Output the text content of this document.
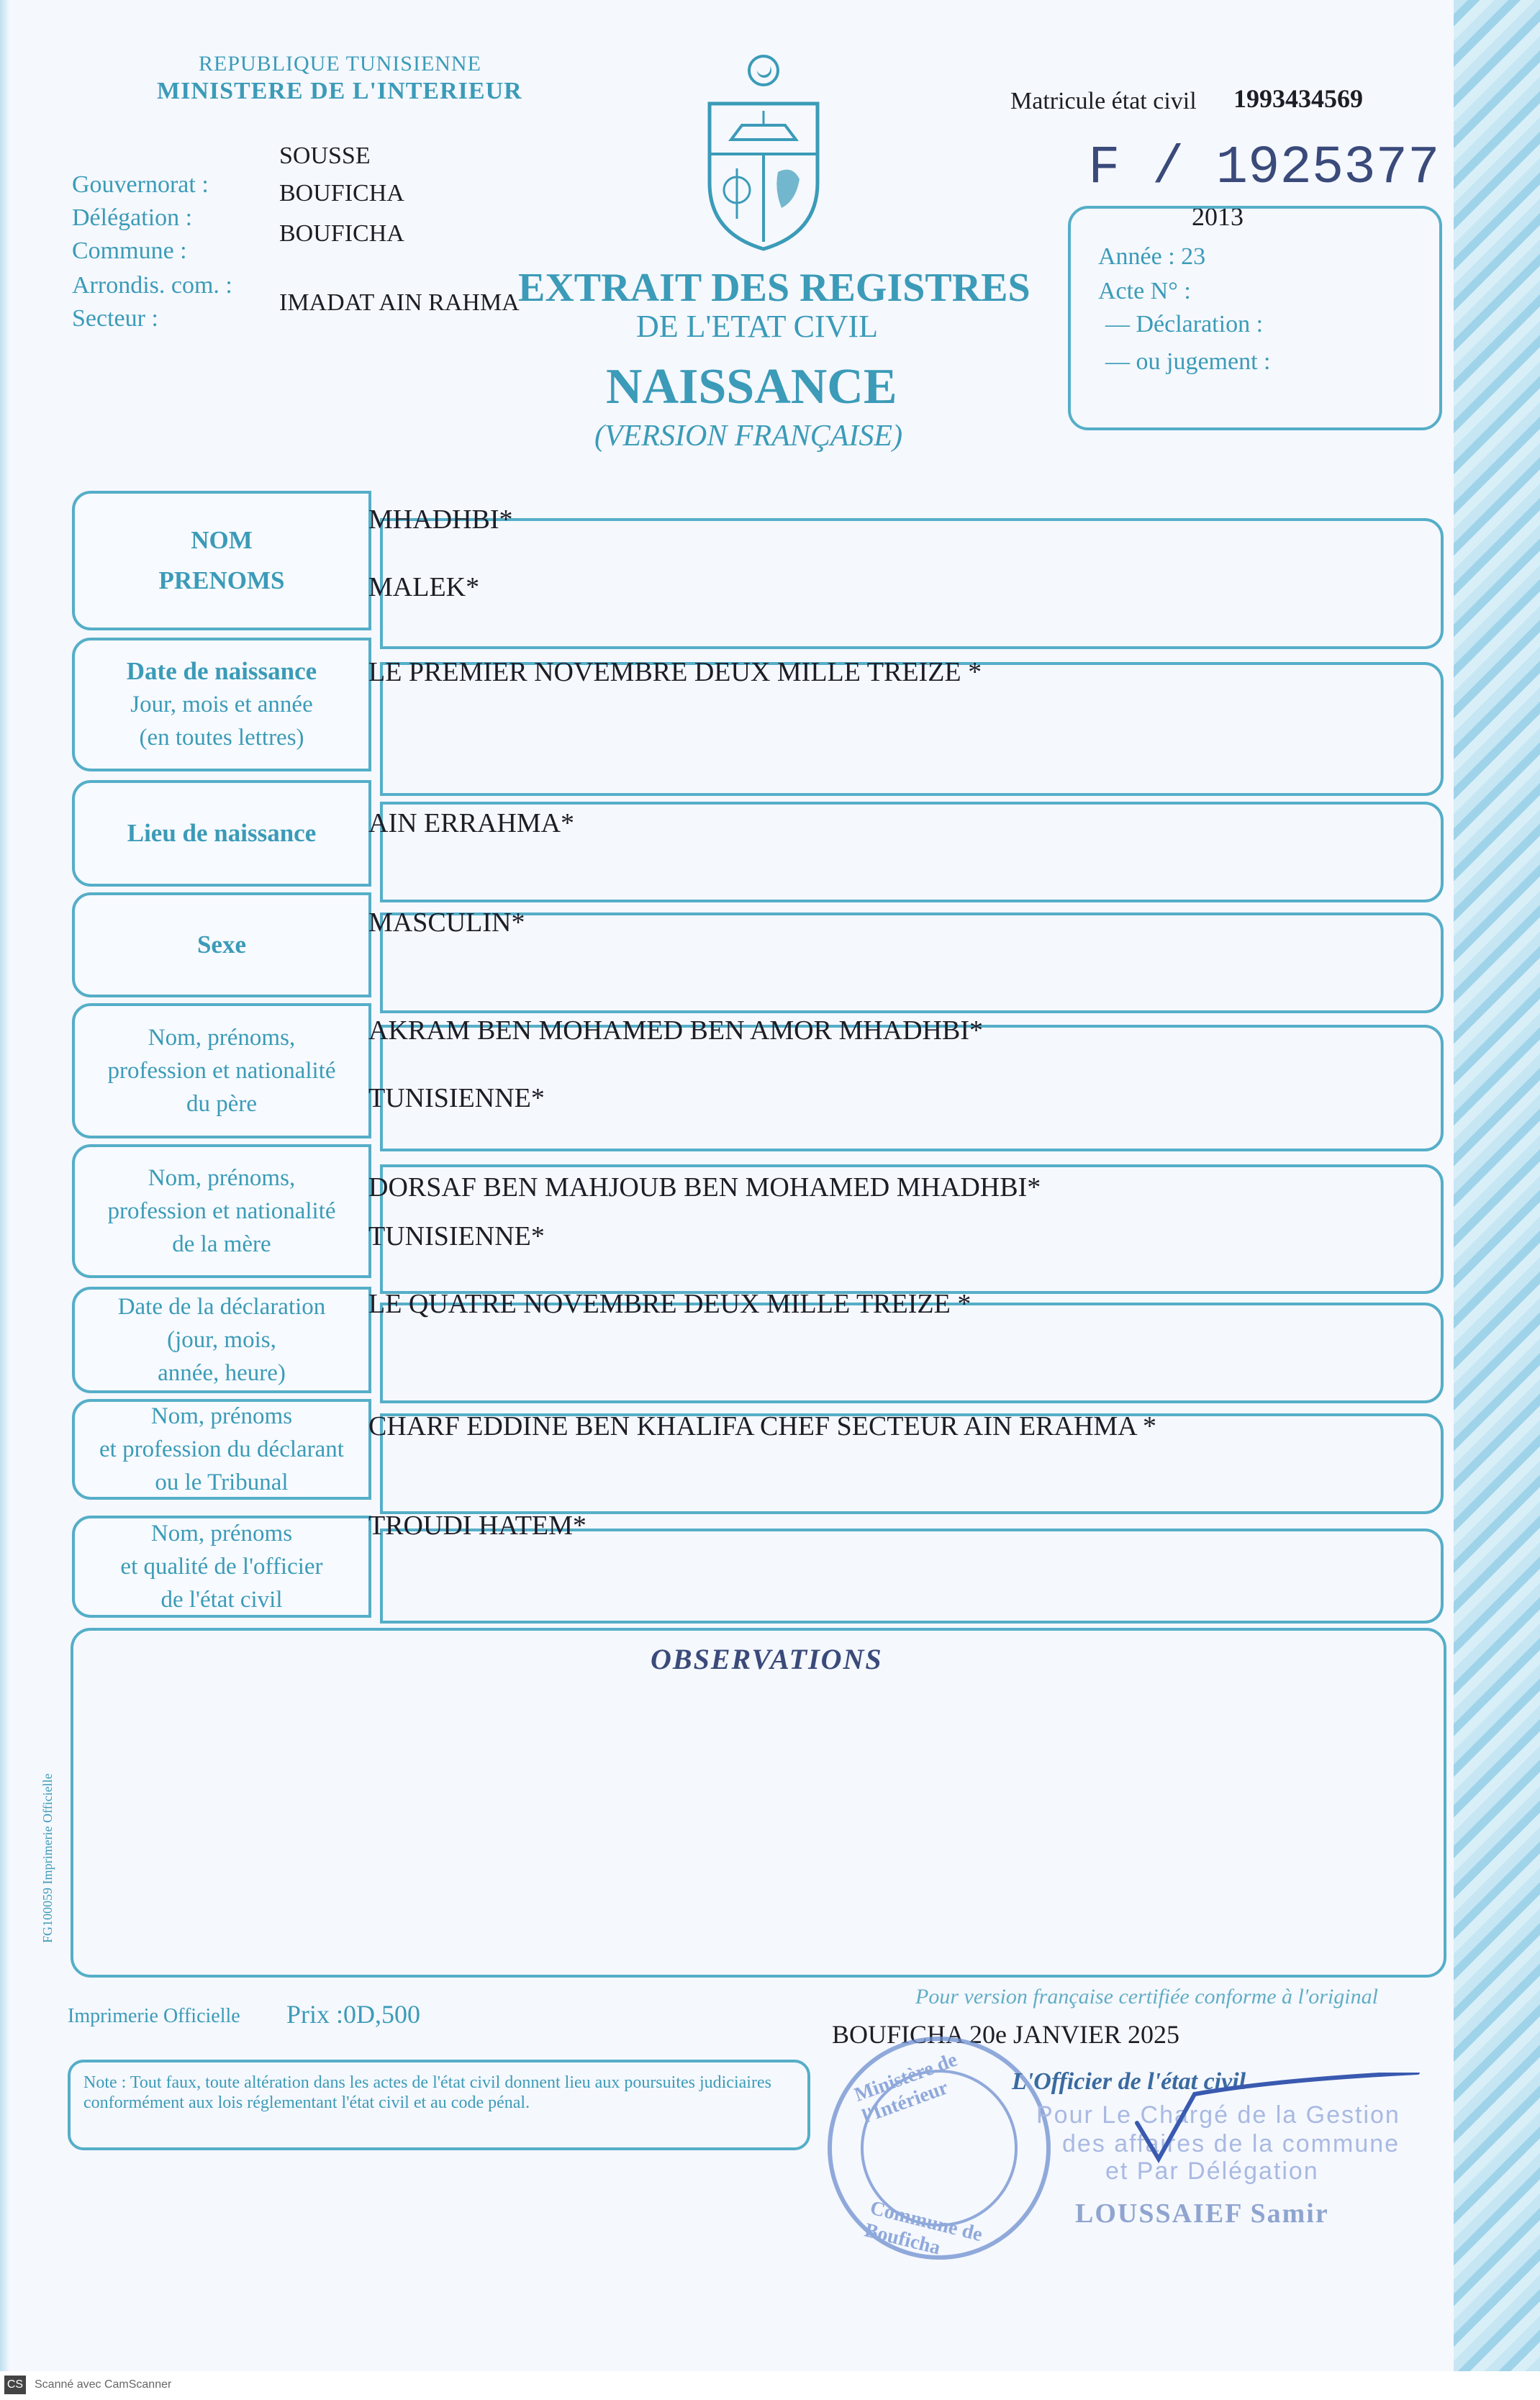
REPUBLIQUE TUNISIENNE
MINISTERE DE L'INTERIEUR
SOUSSE
Gouvernorat :	BOUFICHA
Délégation :
BOUFICHA
Commune :
Arrondis. com. :
IMADAT AIN RAHMA
Secteur :
EXTRAIT DES REGISTRES
DE L'ETAT CIVIL
NAISSANCE
(VERSION FRANÇAISE)
Matricule état civil 1993434569
F / 1925377
2013
Année : 23
Acte N° :
— Déclaration :
— ou jugement :
NOM
PRENOMS
MHADHBI*
MALEK*
Date de naissance
Jour, mois et année
(en toutes lettres)
LE PREMIER NOVEMBRE DEUX MILLE TREIZE *
Lieu de naissance AIN ERRAHMA*
Sexe
MASCULIN*
Nom, prénoms,
profession et nationalité
du père
AKRAM BEN MOHAMED BEN AMOR MHADHBI*
TUNISIENNE*
Nom, prénoms,
profession et nationalité
de la mère
DORSAF BEN MAHJOUB BEN MOHAMED MHADHBI*
TUNISIENNE*
Date de la déclaration
(jour, mois,
année, heure)
LE QUATRE NOVEMBRE DEUX MILLE TREIZE *
Nom, prénoms
et profession du déclarant
ou le Tribunal
CHARF EDDINE BEN KHALIFA CHEF SECTEUR AIN ERAHMA *
Nom, prénoms
et qualité de l'officier
de l'état civil
TROUDI HATEM*
OBSERVATIONS
FG100059 Imprimerie Officielle
Imprimerie Officielle Prix :0D,500
Pour version française certifiée conforme à l'original
BOUFICHA 20e JANVIER 2025
Note : Tout faux, toute altération dans les actes de l'état civil donnent lieu aux poursuites judiciaires conformément aux lois réglementant l'état civil et au code pénal.	Ministère de l'Intérieur
Commune de Bouficha
L'Officier de l'état civil
Pour Le Chargé de la Gestion
des affaires de la commune
et Par Délégation
LOUSSAIEF Samir
CS Scanné avec CamScanner
